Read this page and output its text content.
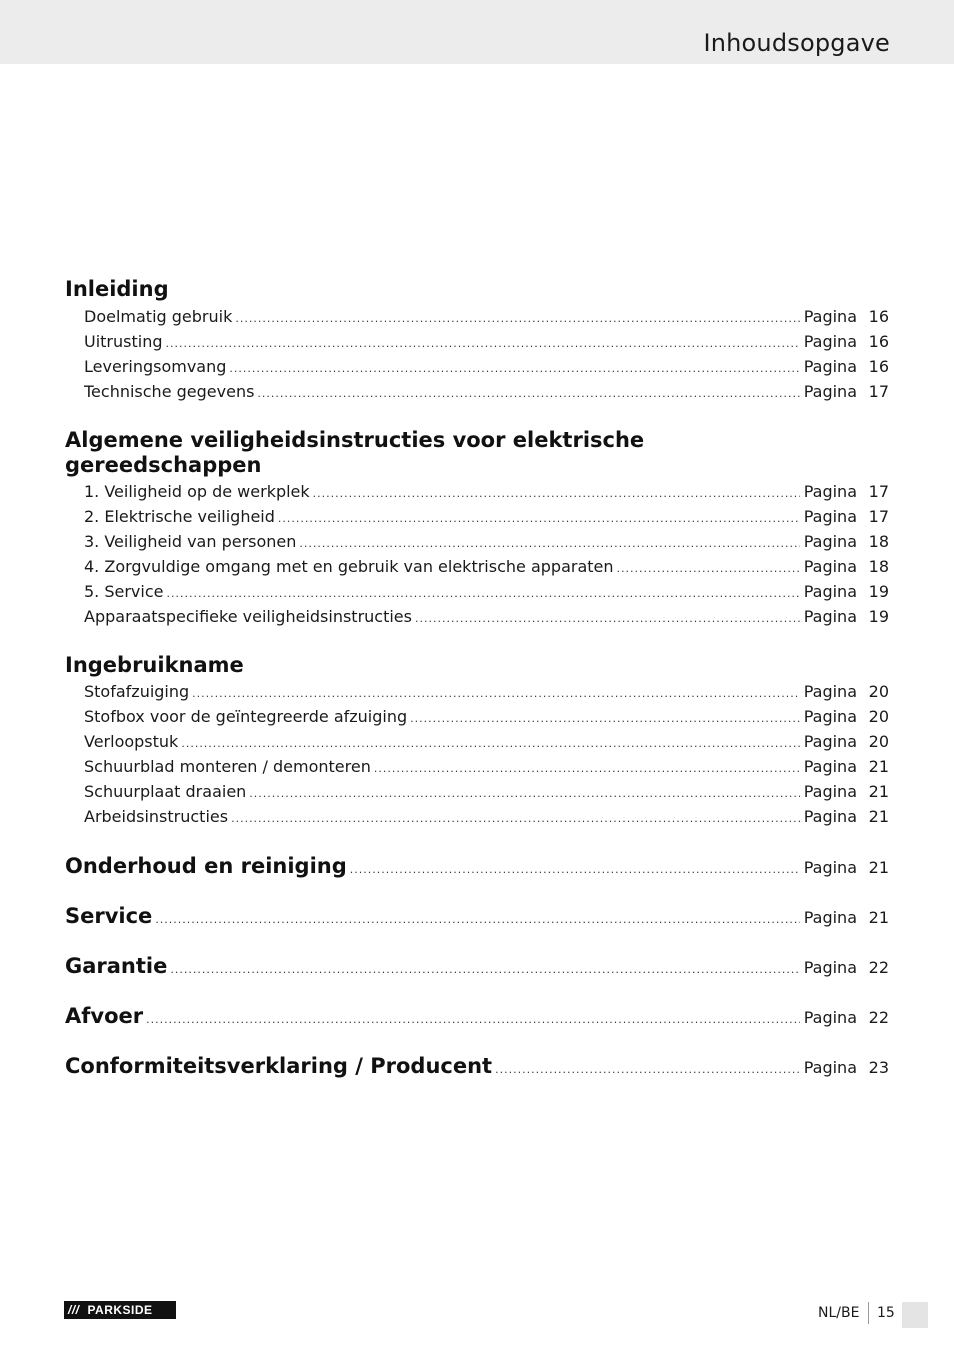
Inhoudsopgave
Inleiding
Doelmatig gebruik .....	Pagina 16
Uitrusting .....	Pagina 16
Leveringsomvang .....	Pagina 16
Technische gegevens .....	Pagina 17
Algemene veiligheidsinstructies voor elektrische
gereedschappen
1. Veiligheid op de werkplek .....	Pagina 17
2. Elektrische veiligheid .....	Pagina 17
3. Veiligheid van personen .....	Pagina 18
4. Zorgvuldige omgang met en gebruik van elektrische apparaten .....	Pagina 18
5. Service .....	Pagina 19
Apparaatspecifieke veiligheidsinstructies .....	Pagina 19
Ingebruikname
Stofafzuiging .....	Pagina 20
Stofbox voor de geïntegreerde afzuiging .....	Pagina 20
Verloopstuk .....	Pagina 20
Schuurblad monteren / demonteren .....	Pagina 21
Schuurplaat draaien .....	Pagina 21
Arbeidsinstructies .....	Pagina 21
Onderhoud en reiniging .....	Pagina 21
Service .....	Pagina 21
Garantie .....	Pagina 22
Afvoer .....	Pagina 22
Conformiteitsverklaring / Producent .....	Pagina 23
/// PARKSIDE	NL/BE 15
